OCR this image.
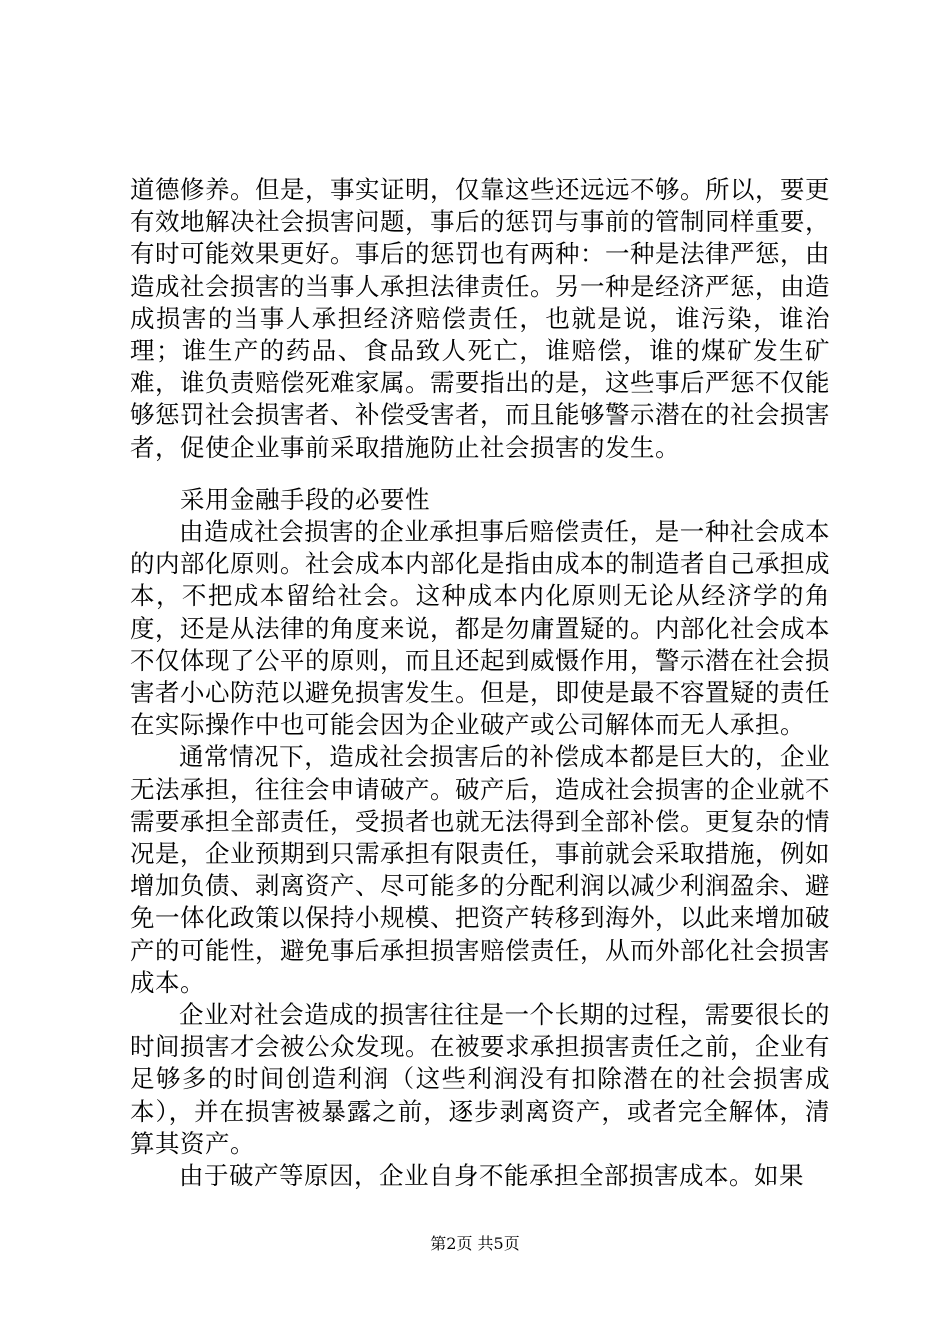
道德修养。但是，事实证明，仅靠这些还远远不够。所以，要更有效地解决社会损害问题，事后的惩罚与事前的管制同样重要，有时可能效果更好。事后的惩罚也有两种：一种是法律严惩，由造成社会损害的当事人承担法律责任。另一种是经济严惩，由造成损害的当事人承担经济赔偿责任，也就是说，谁污染，谁治理；谁生产的药品、食品致人死亡，谁赔偿，谁的煤矿发生矿难，谁负责赔偿死难家属。需要指出的是，这些事后严惩不仅能够惩罚社会损害者、补偿受害者，而且能够警示潜在的社会损害者，促使企业事前采取措施防止社会损害的发生。

采用金融手段的必要性

由造成社会损害的企业承担事后赔偿责任，是一种社会成本的内部化原则。社会成本内部化是指由成本的制造者自己承担成本，不把成本留给社会。这种成本内化原则无论从经济学的角度，还是从法律的角度来说，都是勿庸置疑的。内部化社会成本不仅体现了公平的原则，而且还起到威慑作用，警示潜在社会损害者小心防范以避免损害发生。但是，即使是最不容置疑的责任在实际操作中也可能会因为企业破产或公司解体而无人承担。

通常情况下，造成社会损害后的补偿成本都是巨大的，企业无法承担，往往会申请破产。破产后，造成社会损害的企业就不需要承担全部责任，受损者也就无法得到全部补偿。更复杂的情况是，企业预期到只需承担有限责任，事前就会采取措施，例如增加负债、剥离资产、尽可能多的分配利润以减少利润盈余、避免一体化政策以保持小规模、把资产转移到海外，以此来增加破产的可能性，避免事后承担损害赔偿责任，从而外部化社会损害成本。

企业对社会造成的损害往往是一个长期的过程，需要很长的时间损害才会被公众发现。在被要求承担损害责任之前，企业有足够多的时间创造利润（这些利润没有扣除潜在的社会损害成本），并在损害被暴露之前，逐步剥离资产，或者完全解体，清算其资产。

由于破产等原因，企业自身不能承担全部损害成本。如果

第2页 共5页
